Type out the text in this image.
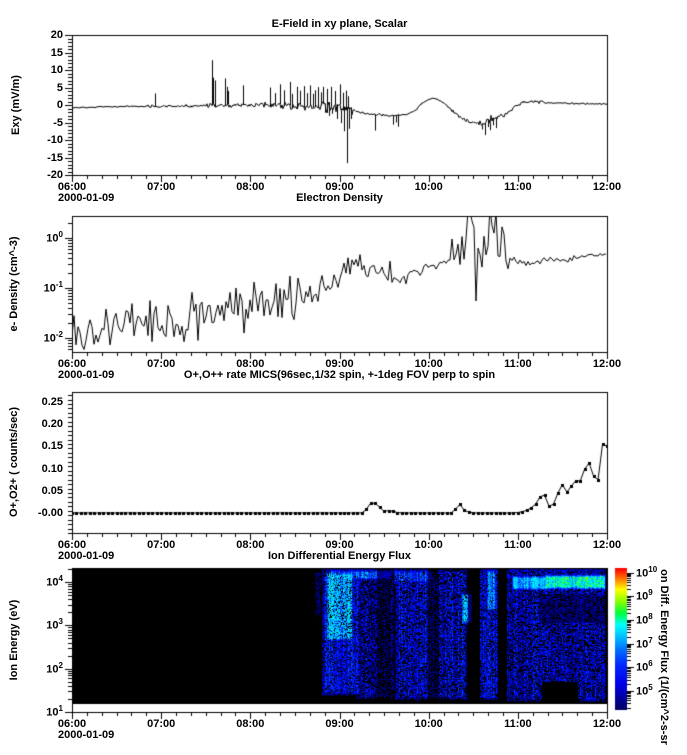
E-Field in xy plane, Scalar
Electron Density
O+,O++ rate MICS(96sec,1/32 spin, +-1deg FOV perp to spin
Ion Differential Energy Flux
Exy (mV/m)
e- Density (cm^-3)
O+,O2+ ( counts/sec)
Ion Energy (eV)
2000-01-09
2000-01-09
2000-01-09
2000-01-09	on Diff. Energy Flux (1/(cm^2-s-sr
06:00	07:00	08:00	09:00	10:00	11:00	12:00
06:00	07:00	08:00	09:00	10:00	11:00	12:00
06:00	07:00	08:00	09:00	10:00	11:00	12:00
06:00	07:00	08:00	09:00	10:00	11:00	12:00
20
15
10
5
0
-5
-10
-15
-20
0.25
0.20
0.15
0.10
0.05
-0.00
$10^0$
$10^{-1}$
$10^{-2}$
$10^4$
$10^3$
$10^2$
$10^1$
$10^{10}$
$10^9$
$10^8$
$10^7$
$10^6$
$10^5$
